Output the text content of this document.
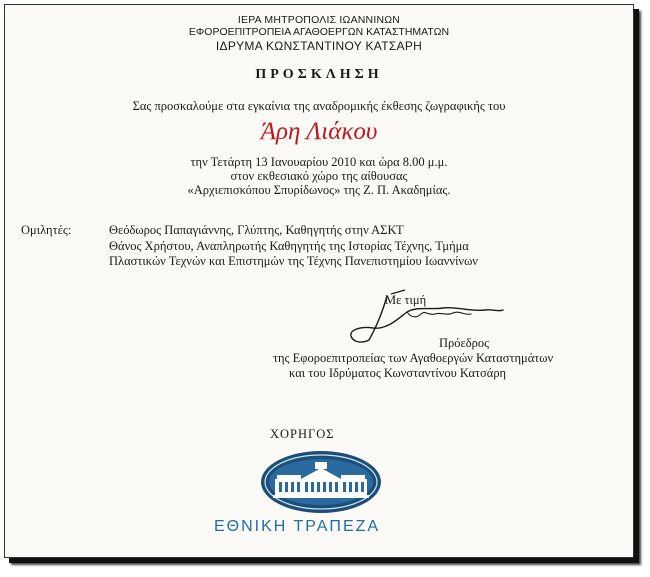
ΙΕΡΑ ΜΗΤΡΟΠΟΛΙΣ ΙΩΑΝΝΙΝΩΝ
ΕΦΟΡΟΕΠΙΤΡΟΠΕΙΑ ΑΓΑΘΟΕΡΓΩΝ ΚΑΤΑΣΤΗΜΑΤΩΝ
ΙΔΡΥΜΑ ΚΩΝΣΤΑΝΤΙΝΟΥ ΚΑΤΣΑΡΗ
ΠΡΟΣΚΛΗΣΗ
Σας προσκαλούμε στα εγκαίνια της αναδρομικής έκθεσης ζωγραφικής του
Άρη Λιάκου
την Τετάρτη 13 Ιανουαρίου 2010 και ώρα 8.00 μ.μ.
στον εκθεσιακό χώρο της αίθουσας
«Αρχιεπισκόπου Σπυρίδωνος» της Ζ. Π. Ακαδημίας.
Ομιλητές:	Θεόδωρος Παπαγιάννης, Γλύπτης, Καθηγητής στην ΑΣΚΤ
Θάνος Χρήστου, Αναπληρωτής Καθηγητής της Ιστορίας Τέχνης, Τμήμα
Πλαστικών Τεχνών και Επιστημών της Τέχνης Πανεπιστημίου Ιωαννίνων
Με τιμή
Πρόεδρος
της Εφοροεπιτροπείας των Αγαθοεργών Καταστημάτων
και του Ιδρύματος Κωνσταντίνου Κατσάρη
ΧΟΡΗΓΟΣ
ΕΘΝΙΚΗ ΤΡΑΠΕΖΑ
